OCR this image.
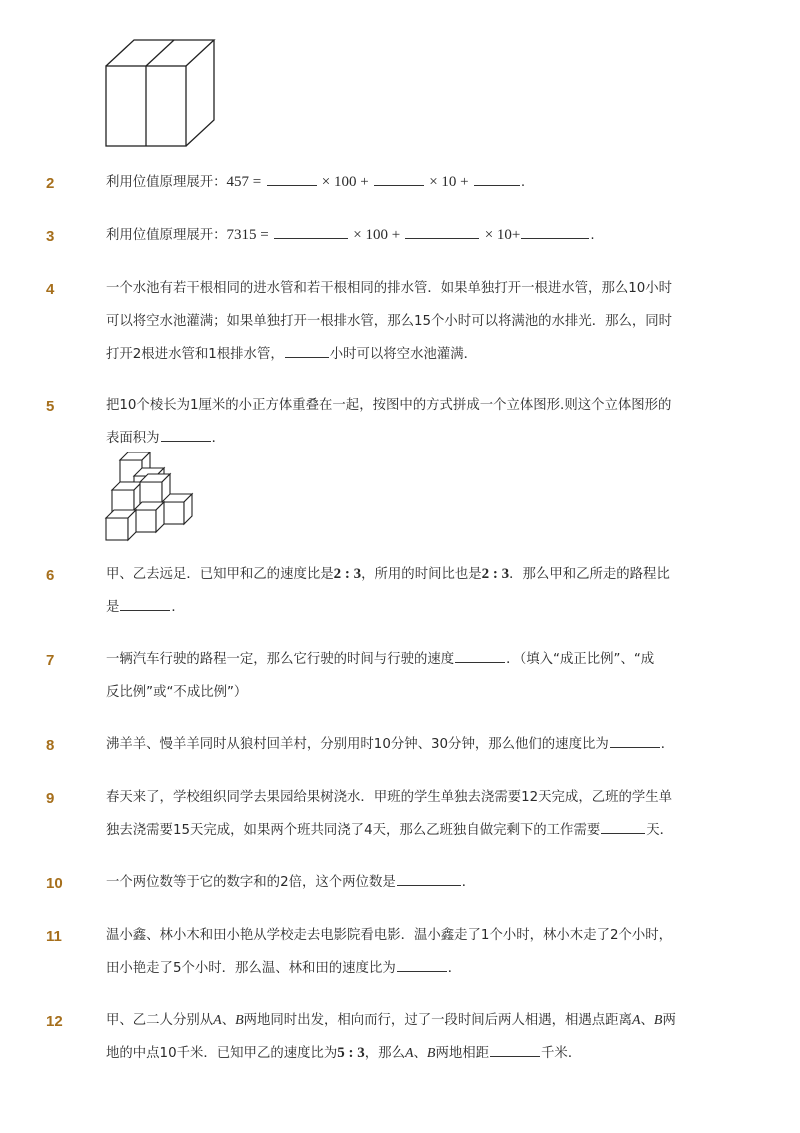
2	利用位值原理展开：457 =	× 100 +	× 10 +	.
3	利用位值原理展开：7315 =	× 100 +	× 10+	.
4	一个水池有若干根相同的进水管和若干根相同的排水管．如果单独打开一根进水管，那么10小时
可以将空水池灌满；如果单独打开一根排水管，那么15个小时可以将满池的水排光．那么，同时
打开2根进水管和1根排水管，	小时可以将空水池灌满．
5	把10个棱长为1厘米的小正方体重叠在一起，按图中的方式拼成一个立体图形.则这个立体图形的
表面积为	．
6	甲、乙去远足．已知甲和乙的速度比是2 : 3，所用的时间比也是2 : 3．那么甲和乙所走的路程比
是	．
7	一辆汽车行驶的路程一定，那么它行驶的时间与行驶的速度	．（填入“成正比例”、“成
反比例”或“不成比例”）
8	沸羊羊、慢羊羊同时从狼村回羊村，分别用时10分钟、30分钟，那么他们的速度比为	．
9	春天来了，学校组织同学去果园给果树浇水．甲班的学生单独去浇需要12天完成，乙班的学生单
独去浇需要15天完成，如果两个班共同浇了4天，那么乙班独自做完剩下的工作需要	天．
10	一个两位数等于它的数字和的2倍，这个两位数是	．
11	温小鑫、林小木和田小艳从学校走去电影院看电影．温小鑫走了1个小时，林小木走了2个小时，
田小艳走了5个小时．那么温、林和田的速度比为	．
12	甲、乙二人分别从A、B两地同时出发，相向而行，过了一段时间后两人相遇，相遇点距离A、B两
地的中点10千米．已知甲乙的速度比为5 : 3，那么A、B两地相距	千米．
